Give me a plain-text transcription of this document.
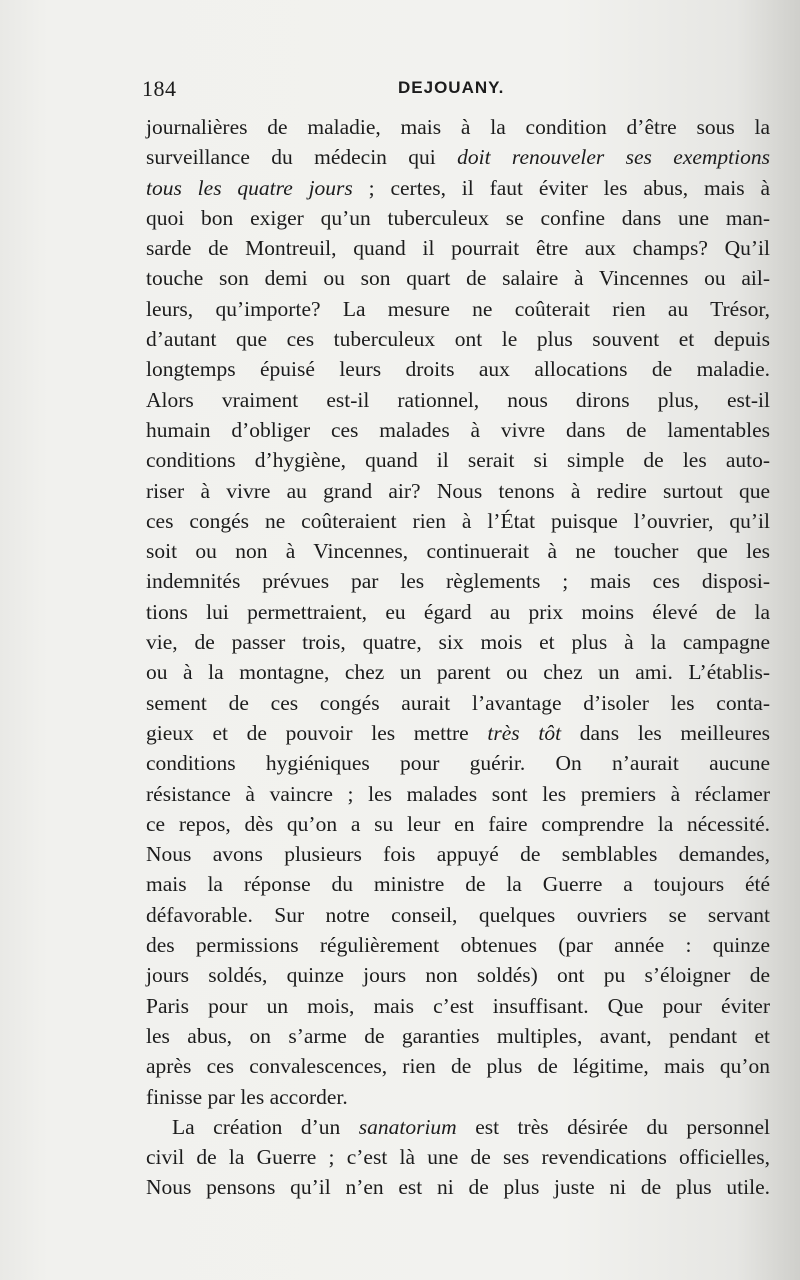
184	DEJOUANY.
journalières de maladie, mais à la condition d’être sous la
surveillance du médecin qui doit renouveler ses exemptions
tous les quatre jours ; certes, il faut éviter les abus, mais à
quoi bon exiger qu’un tuberculeux se confine dans une man-
sarde de Montreuil, quand il pourrait être aux champs? Qu’il
touche son demi ou son quart de salaire à Vincennes ou ail-
leurs, qu’importe? La mesure ne coûterait rien au Trésor,
d’autant que ces tuberculeux ont le plus souvent et depuis
longtemps épuisé leurs droits aux allocations de maladie.
Alors vraiment est-il rationnel, nous dirons plus, est-il
humain d’obliger ces malades à vivre dans de lamentables
conditions d’hygiène, quand il serait si simple de les auto-
riser à vivre au grand air? Nous tenons à redire surtout que
ces congés ne coûteraient rien à l’État puisque l’ouvrier, qu’il
soit ou non à Vincennes, continuerait à ne toucher que les
indemnités prévues par les règlements ; mais ces disposi-
tions lui permettraient, eu égard au prix moins élevé de la
vie, de passer trois, quatre, six mois et plus à la campagne
ou à la montagne, chez un parent ou chez un ami. L’établis-
sement de ces congés aurait l’avantage d’isoler les conta-
gieux et de pouvoir les mettre très tôt dans les meilleures
conditions hygiéniques pour guérir. On n’aurait aucune
résistance à vaincre ; les malades sont les premiers à réclamer
ce repos, dès qu’on a su leur en faire comprendre la nécessité.
Nous avons plusieurs fois appuyé de semblables demandes,
mais la réponse du ministre de la Guerre a toujours été
défavorable. Sur notre conseil, quelques ouvriers se servant
des permissions régulièrement obtenues (par année : quinze
jours soldés, quinze jours non soldés) ont pu s’éloigner de
Paris pour un mois, mais c’est insuffisant. Que pour éviter
les abus, on s’arme de garanties multiples, avant, pendant et
après ces convalescences, rien de plus de légitime, mais qu’on
finisse par les accorder.
La création d’un sanatorium est très désirée du personnel
civil de la Guerre ; c’est là une de ses revendications officielles,
Nous pensons qu’il n’en est ni de plus juste ni de plus utile.
